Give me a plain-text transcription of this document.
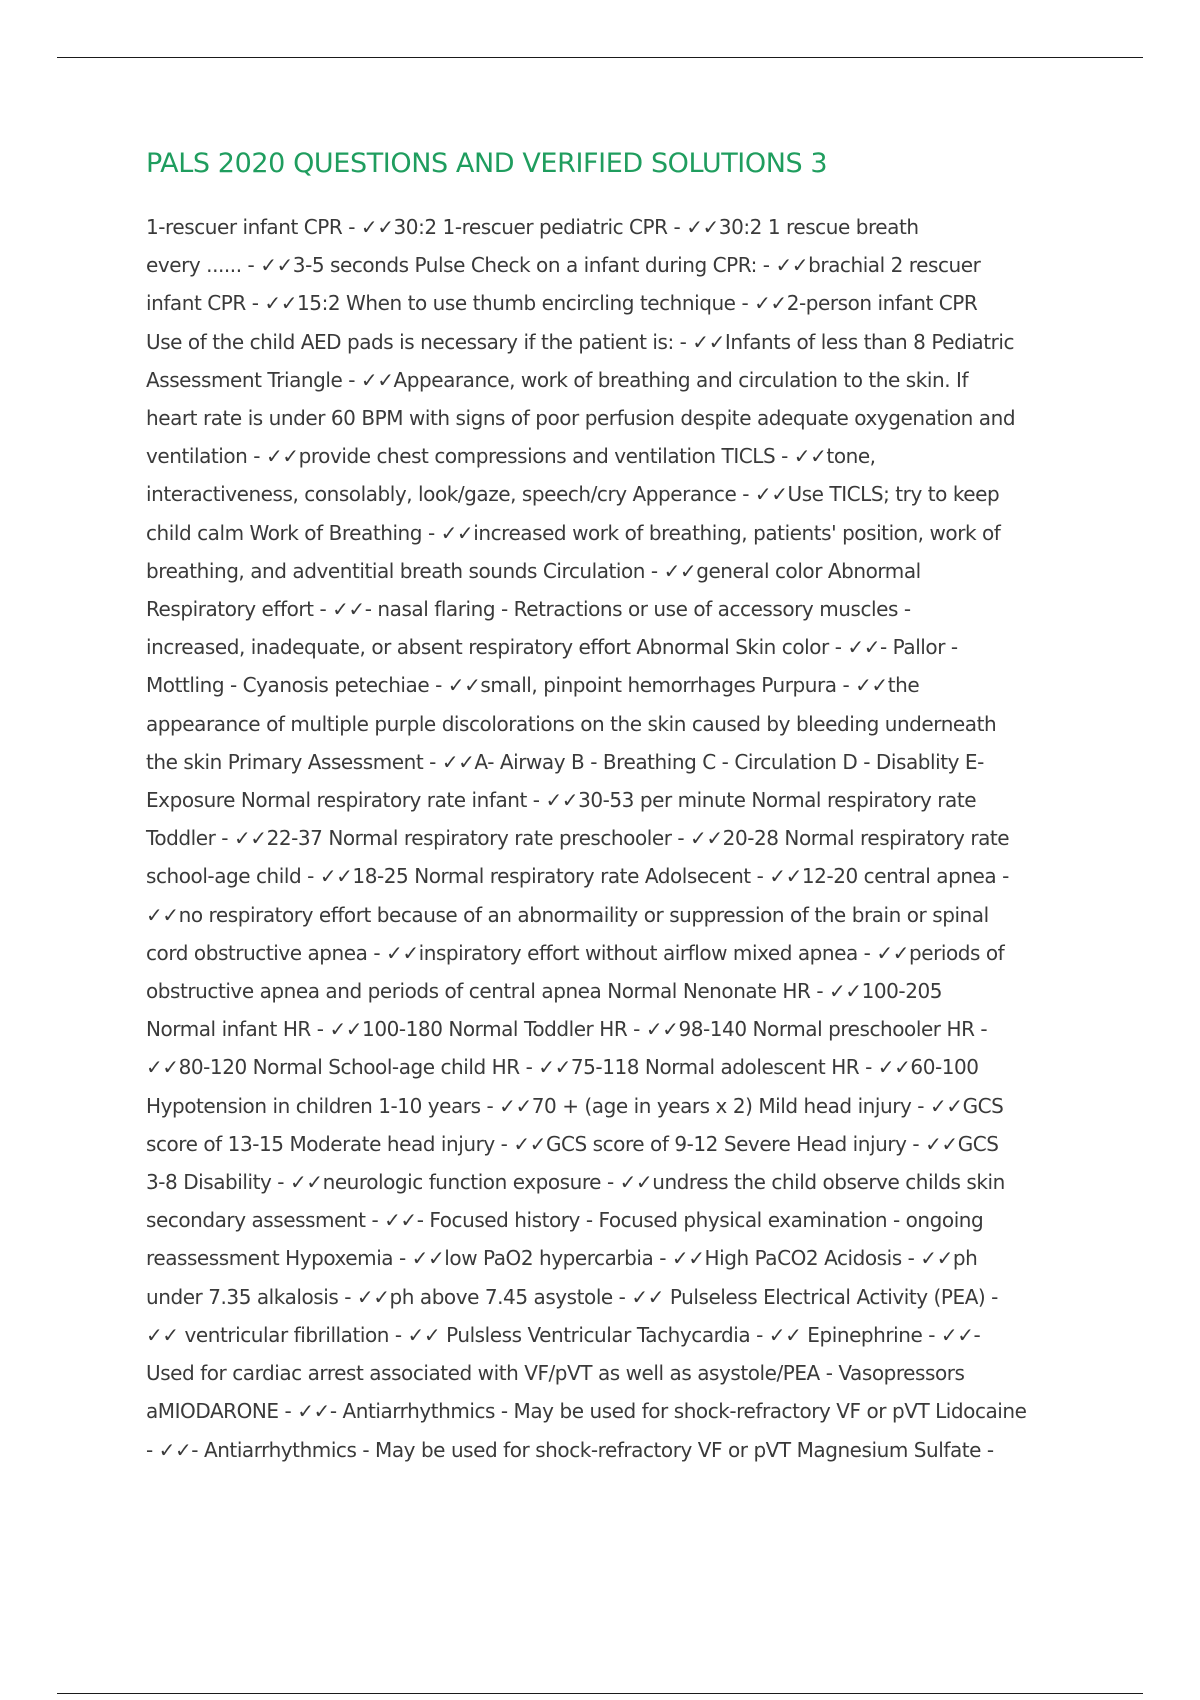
PALS 2020 QUESTIONS AND VERIFIED SOLUTIONS 3
1-rescuer infant CPR - ✓✓30:2 1-rescuer pediatric CPR - ✓✓30:2 1 rescue breath
every ...... - ✓✓3-5 seconds Pulse Check on a infant during CPR: - ✓✓brachial 2 rescuer
infant CPR - ✓✓15:2 When to use thumb encircling technique - ✓✓2-person infant CPR
Use of the child AED pads is necessary if the patient is: - ✓✓Infants of less than 8 Pediatric
Assessment Triangle - ✓✓Appearance, work of breathing and circulation to the skin. If
heart rate is under 60 BPM with signs of poor perfusion despite adequate oxygenation and
ventilation - ✓✓provide chest compressions and ventilation TICLS - ✓✓tone,
interactiveness, consolably, look/gaze, speech/cry Apperance - ✓✓Use TICLS; try to keep
child calm Work of Breathing - ✓✓increased work of breathing, patients' position, work of
breathing, and adventitial breath sounds Circulation - ✓✓general color Abnormal
Respiratory effort - ✓✓- nasal flaring - Retractions or use of accessory muscles -
increased, inadequate, or absent respiratory effort Abnormal Skin color - ✓✓- Pallor -
Mottling - Cyanosis petechiae - ✓✓small, pinpoint hemorrhages Purpura - ✓✓the
appearance of multiple purple discolorations on the skin caused by bleeding underneath
the skin Primary Assessment - ✓✓A- Airway B - Breathing C - Circulation D - Disablity E-
Exposure Normal respiratory rate infant - ✓✓30-53 per minute Normal respiratory rate
Toddler - ✓✓22-37 Normal respiratory rate preschooler - ✓✓20-28 Normal respiratory rate
school-age child - ✓✓18-25 Normal respiratory rate Adolsecent - ✓✓12-20 central apnea -
✓✓no respiratory effort because of an abnormaility or suppression of the brain or spinal
cord obstructive apnea - ✓✓inspiratory effort without airflow mixed apnea - ✓✓periods of
obstructive apnea and periods of central apnea Normal Nenonate HR - ✓✓100-205
Normal infant HR - ✓✓100-180 Normal Toddler HR - ✓✓98-140 Normal preschooler HR -
✓✓80-120 Normal School-age child HR - ✓✓75-118 Normal adolescent HR - ✓✓60-100
Hypotension in children 1-10 years - ✓✓70 + (age in years x 2) Mild head injury - ✓✓GCS
score of 13-15 Moderate head injury - ✓✓GCS score of 9-12 Severe Head injury - ✓✓GCS
3-8 Disability - ✓✓neurologic function exposure - ✓✓undress the child observe childs skin
secondary assessment - ✓✓- Focused history - Focused physical examination - ongoing
reassessment Hypoxemia - ✓✓low PaO2 hypercarbia - ✓✓High PaCO2 Acidosis - ✓✓ph
under 7.35 alkalosis - ✓✓ph above 7.45 asystole - ✓✓ Pulseless Electrical Activity (PEA) -
✓✓ ventricular fibrillation - ✓✓ Pulsless Ventricular Tachycardia - ✓✓ Epinephrine - ✓✓-
Used for cardiac arrest associated with VF/pVT as well as asystole/PEA - Vasopressors
aMIODARONE - ✓✓- Antiarrhythmics - May be used for shock-refractory VF or pVT Lidocaine
- ✓✓- Antiarrhythmics - May be used for shock-refractory VF or pVT Magnesium Sulfate -
